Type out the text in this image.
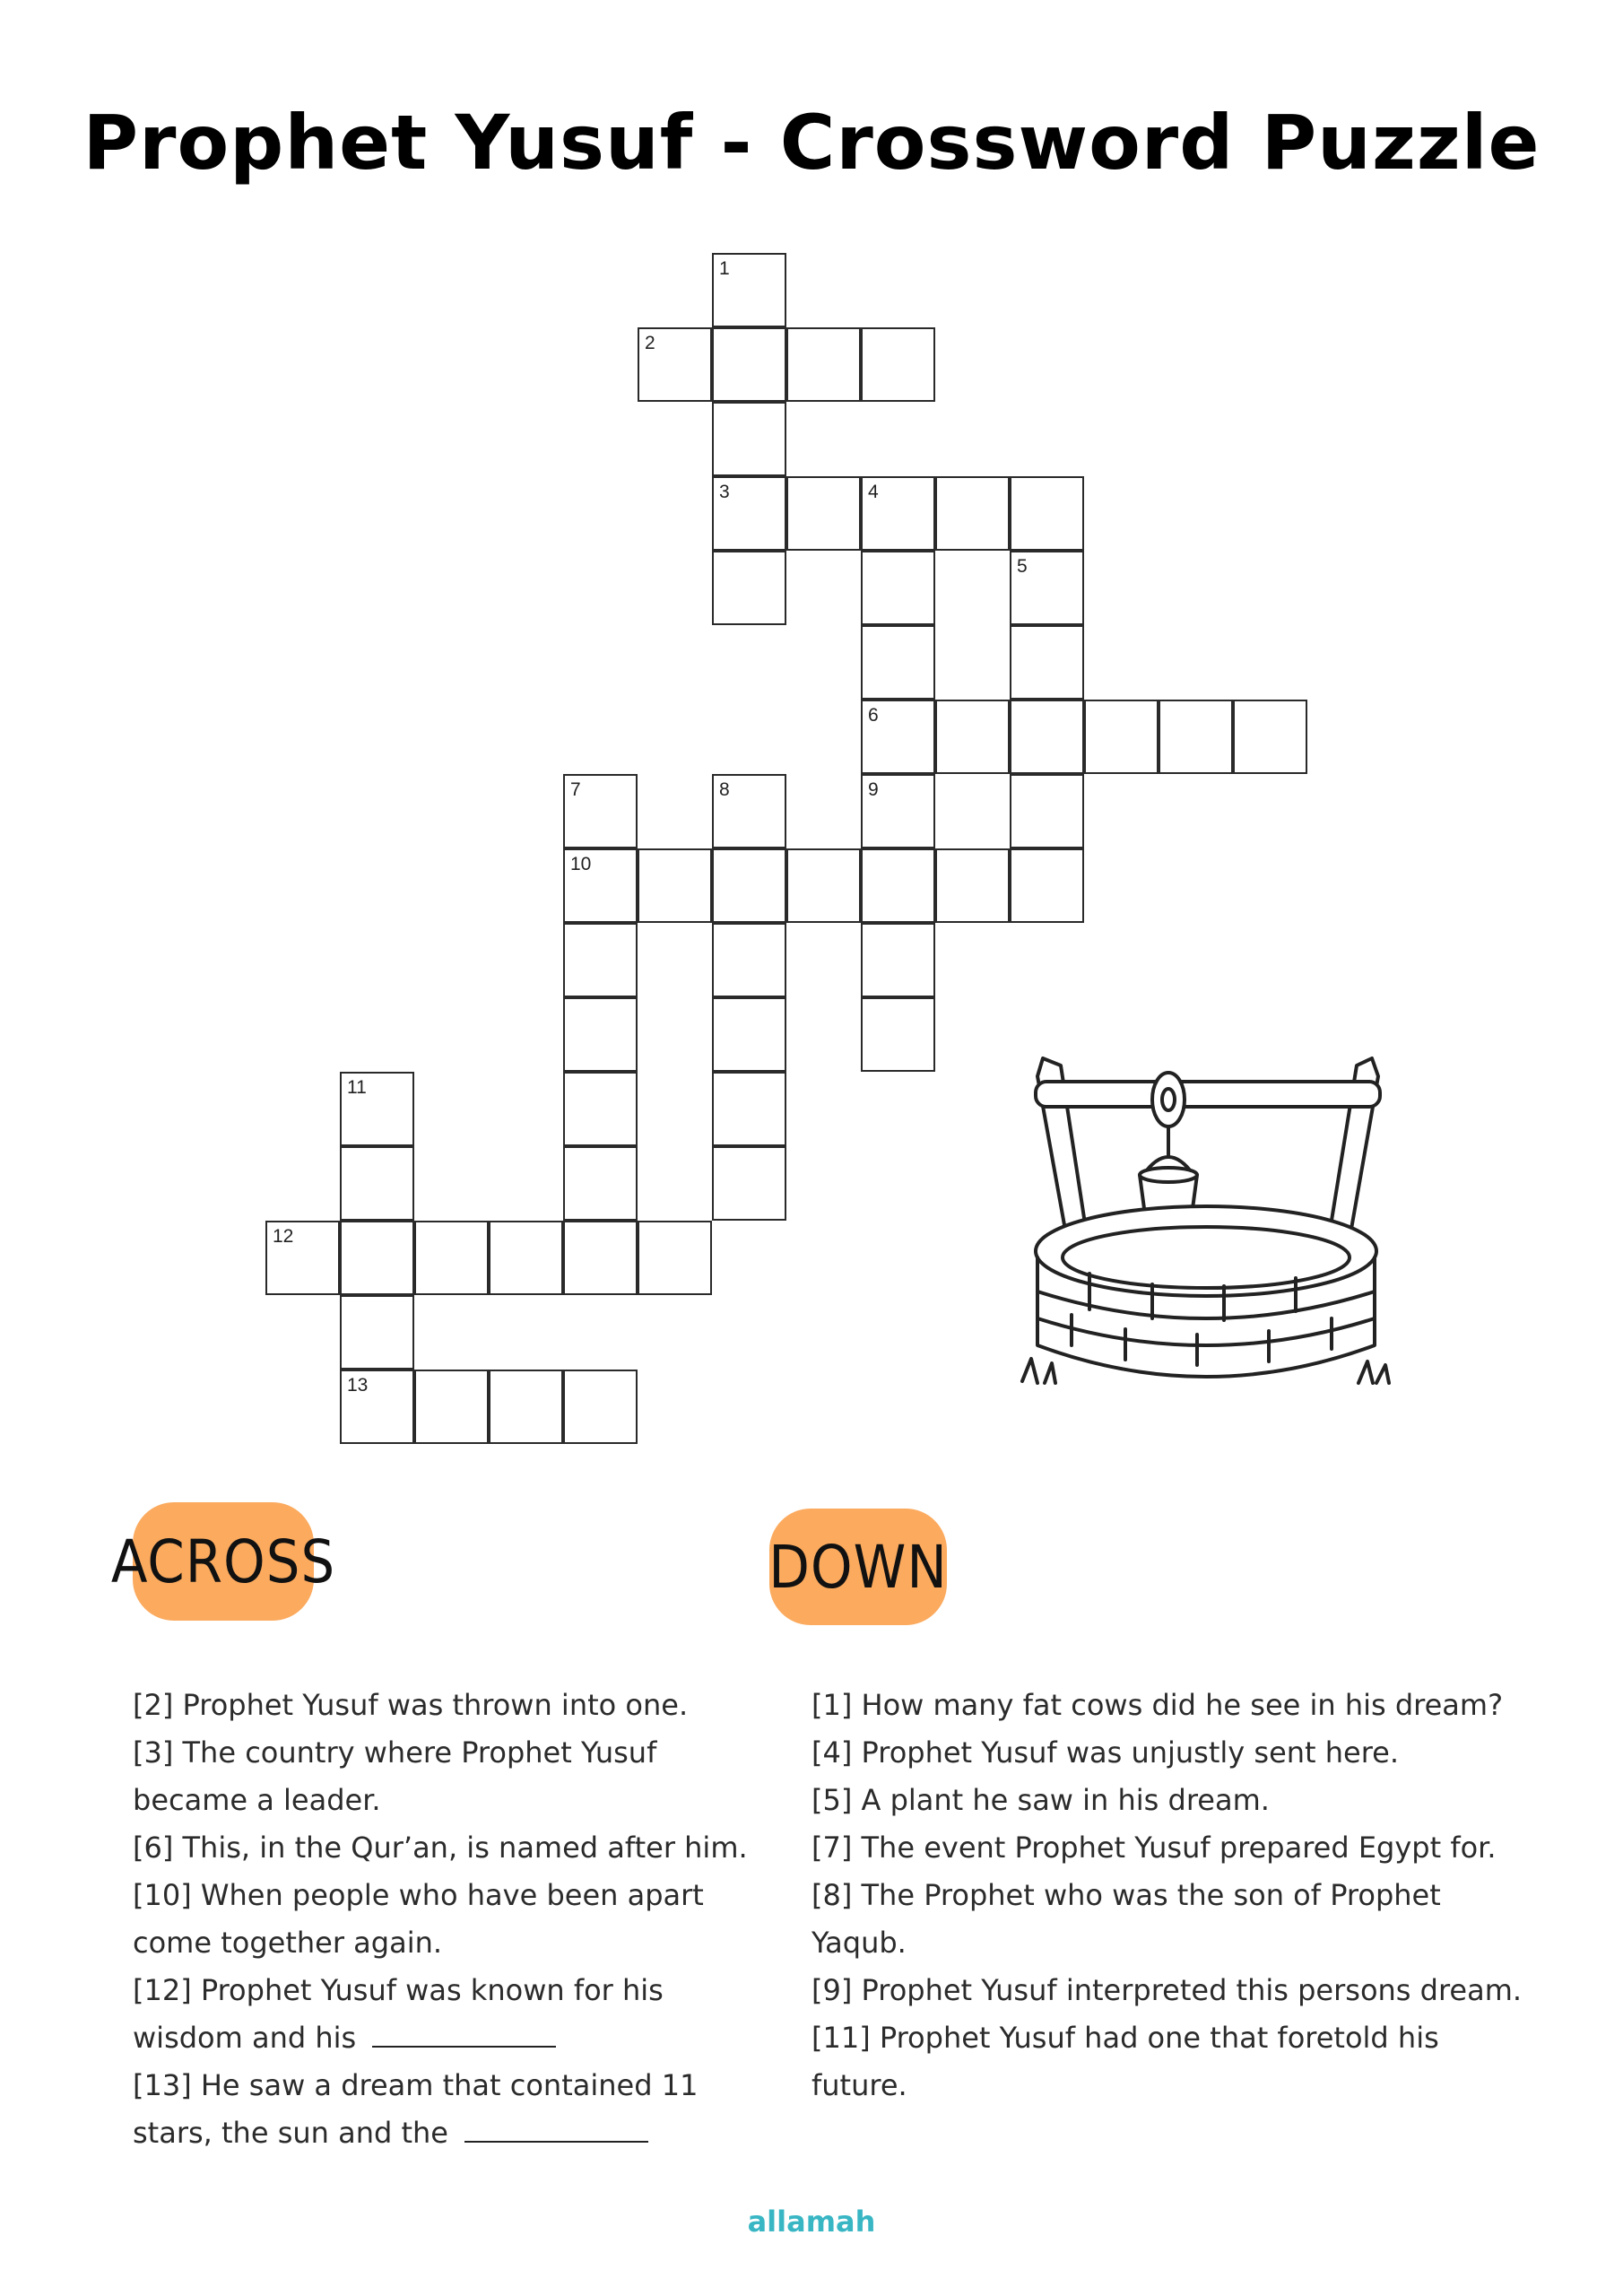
Prophet Yusuf - Crossword Puzzle
1
3
2
4
6
9
5
7
10
8
11
13
12
ACROSS	DOWN

[2] Prophet Yusuf was thrown into one.

[3] The country where Prophet Yusuf

became a leader.

[6] This, in the Qur’an, is named after him.

[10] When people who have been apart

come together again.

[12] Prophet Yusuf was known for his

wisdom and his

[13] He saw a dream that contained 11

stars, the sun and the

[1] How many fat cows did he see in his dream?

[4] Prophet Yusuf was unjustly sent here.

[5] A plant he saw in his dream.

[7] The event Prophet Yusuf prepared Egypt for.

[8] The Prophet who was the son of Prophet

Yaqub.

[9] Prophet Yusuf interpreted this persons dream.

[11] Prophet Yusuf had one that foretold his

future.

allamah
